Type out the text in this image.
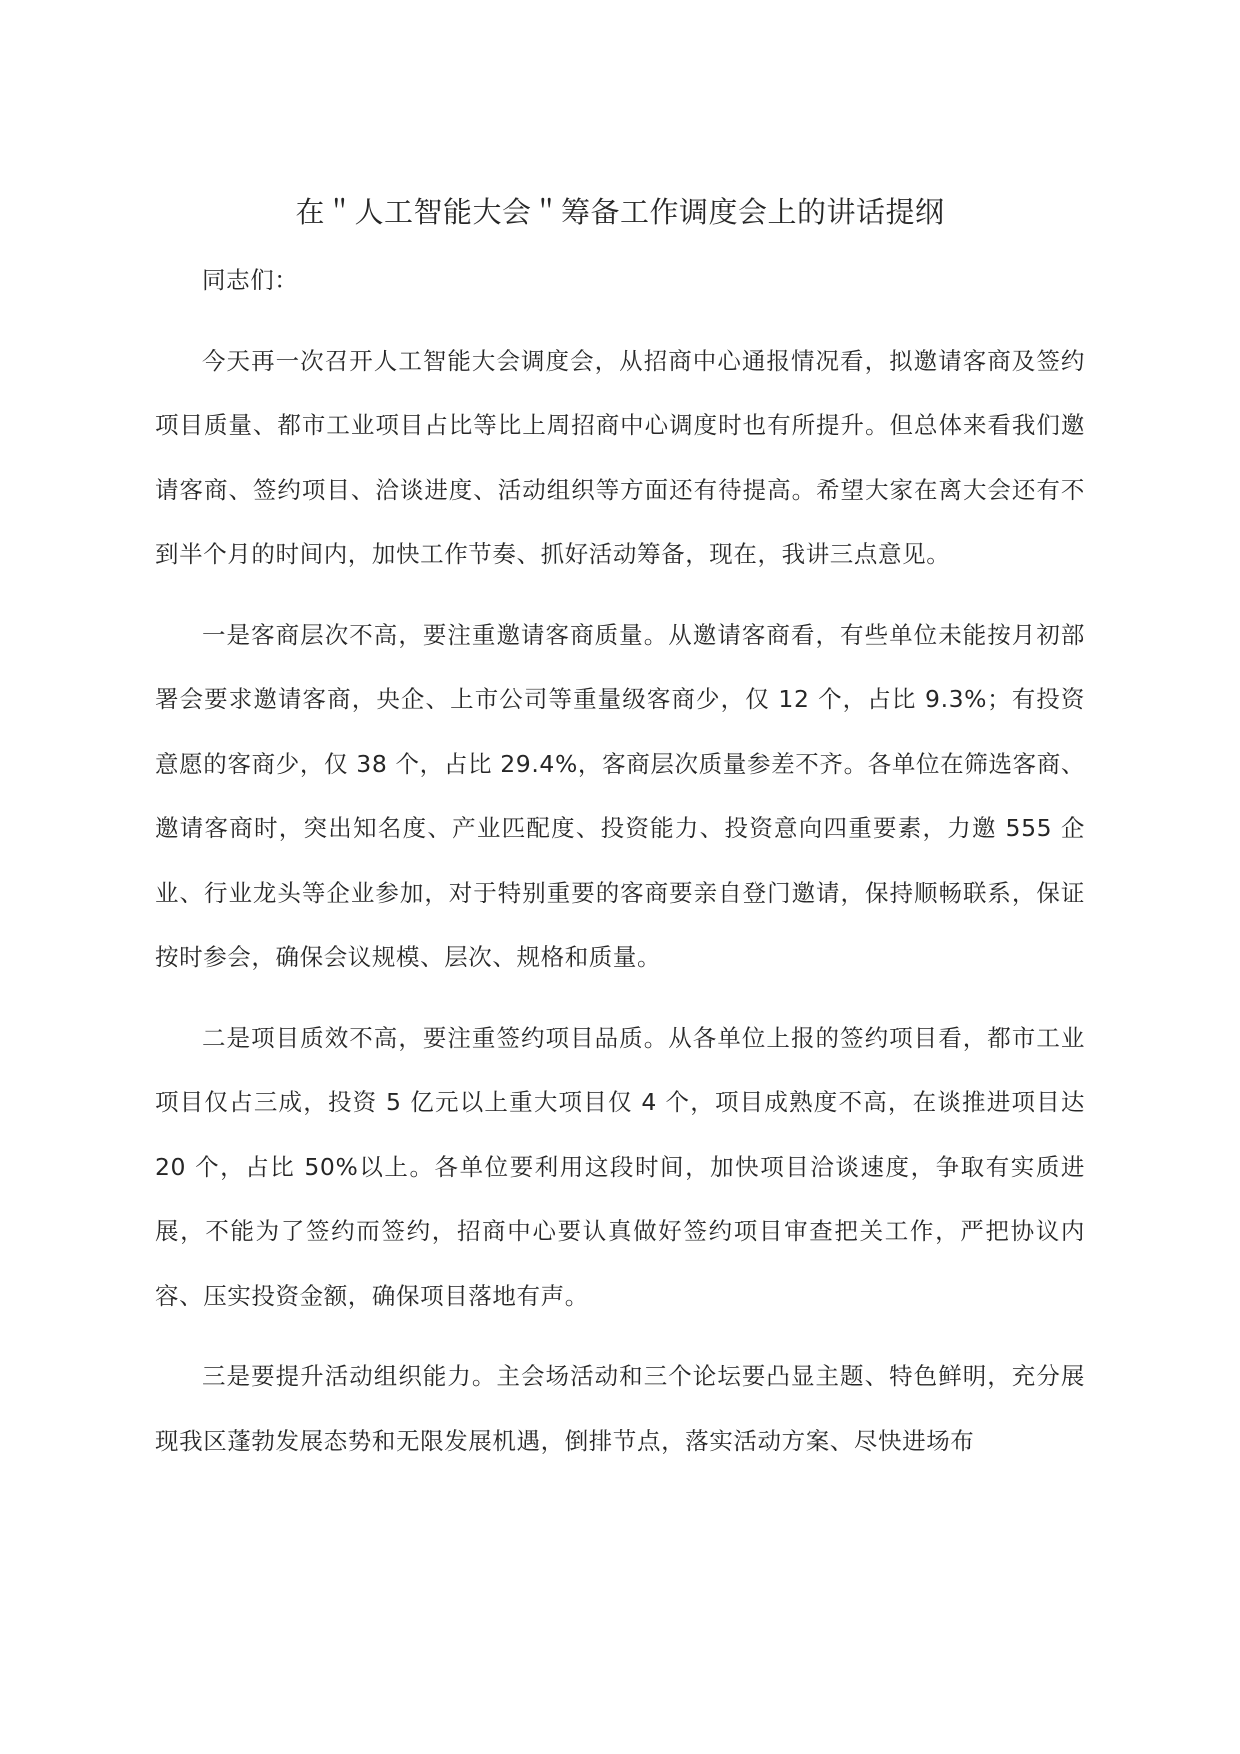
在＂人工智能大会＂筹备工作调度会上的讲话提纲

同志们：

今天再一次召开人工智能大会调度会，从招商中心通报情况看，拟邀请客商及签约项目质量、都市工业项目占比等比上周招商中心调度时也有所提升。但总体来看我们邀请客商、签约项目、洽谈进度、活动组织等方面还有待提高。希望大家在离大会还有不到半个月的时间内，加快工作节奏、抓好活动筹备，现在，我讲三点意见。

一是客商层次不高，要注重邀请客商质量。从邀请客商看，有些单位未能按月初部署会要求邀请客商，央企、上市公司等重量级客商少，仅 12 个，占比 9.3%；有投资意愿的客商少，仅 38 个，占比 29.4%，客商层次质量参差不齐。各单位在筛选客商、邀请客商时，突出知名度、产业匹配度、投资能力、投资意向四重要素，力邀 555 企业、行业龙头等企业参加，对于特别重要的客商要亲自登门邀请，保持顺畅联系，保证按时参会，确保会议规模、层次、规格和质量。

二是项目质效不高，要注重签约项目品质。从各单位上报的签约项目看，都市工业项目仅占三成，投资 5 亿元以上重大项目仅 4 个，项目成熟度不高，在谈推进项目达 20 个，占比 50%以上。各单位要利用这段时间，加快项目洽谈速度，争取有实质进展，不能为了签约而签约，招商中心要认真做好签约项目审查把关工作，严把协议内容、压实投资金额，确保项目落地有声。

三是要提升活动组织能力。主会场活动和三个论坛要凸显主题、特色鲜明，充分展现我区蓬勃发展态势和无限发展机遇，倒排节点，落实活动方案、尽快进场布
